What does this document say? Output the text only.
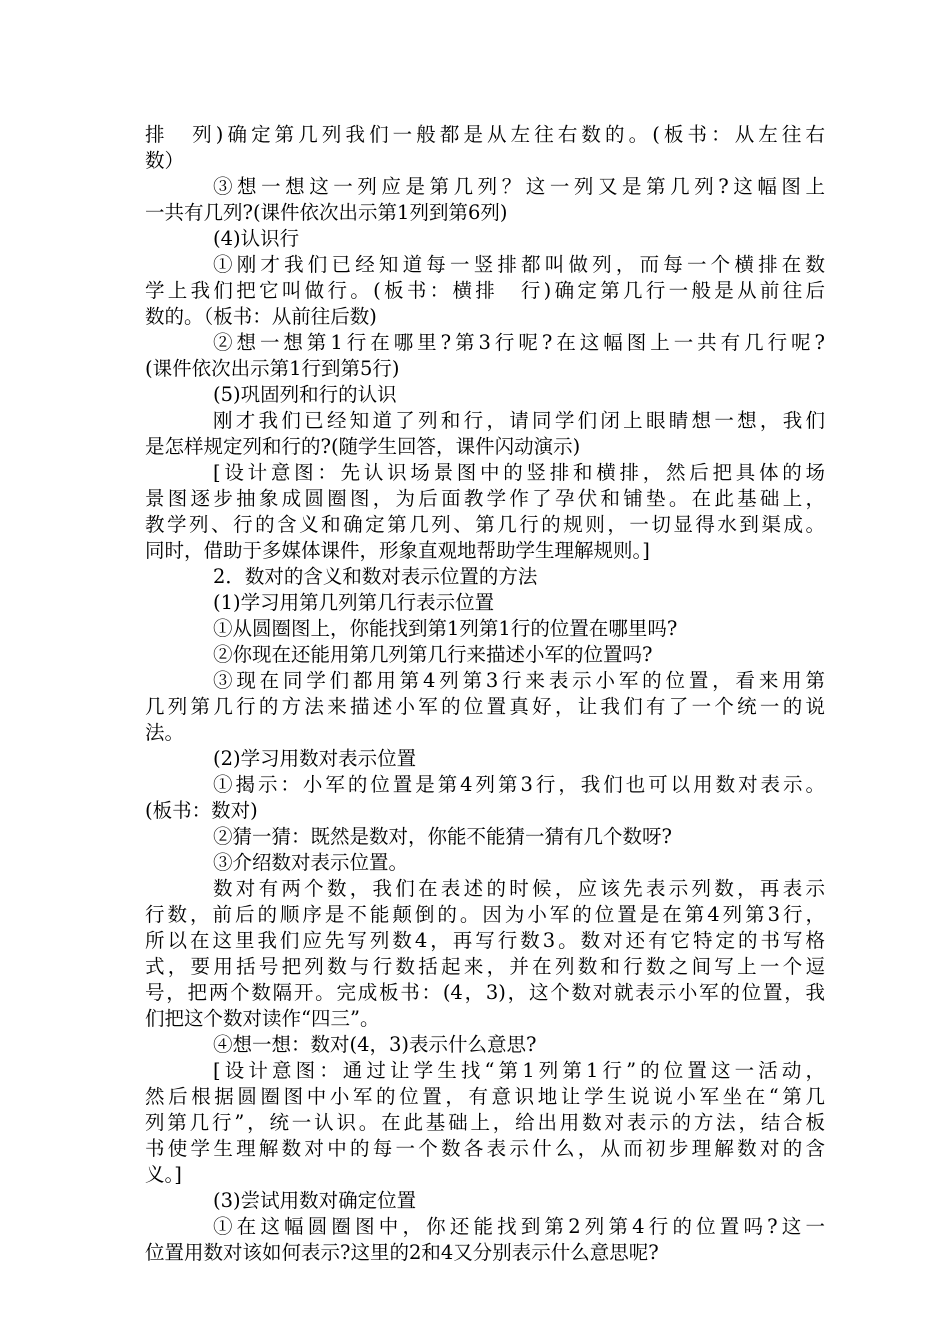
排　列)确定第几列我们一般都是从左往右数的。(板书：从左往右
数）
③想一想这一列应是第几列？这一列又是第几列?这幅图上
一共有几列?(课件依次出示第1列到第6列)
(4)认识行
①刚才我们已经知道每一竖排都叫做列，而每一个横排在数
学上我们把它叫做行。(板书：横排　行)确定第几行一般是从前往后
数的。（板书：从前往后数)
②想一想第1行在哪里?第3行呢?在这幅图上一共有几行呢?
(课件依次出示第1行到第5行)
(5)巩固列和行的认识
刚才我们已经知道了列和行，请同学们闭上眼睛想一想，我们
是怎样规定列和行的?(随学生回答，课件闪动演示)
[设计意图：先认识场景图中的竖排和横排，然后把具体的场
景图逐步抽象成圆圈图，为后面教学作了孕伏和铺垫。在此基础上，
教学列、行的含义和确定第几列、第几行的规则，一切显得水到渠成。
同时，借助于多媒体课件，形象直观地帮助学生理解规则。]
2．数对的含义和数对表示位置的方法
(1)学习用第几列第几行表示位置
①从圆圈图上，你能找到第1列第1行的位置在哪里吗?
②你现在还能用第几列第几行来描述小军的位置吗?
③现在同学们都用第4列第3行来表示小军的位置，看来用第
几列第几行的方法来描述小军的位置真好，让我们有了一个统一的说
法。
(2)学习用数对表示位置
①揭示：小军的位置是第4列第3行，我们也可以用数对表示。
(板书：数对)
②猜一猜：既然是数对，你能不能猜一猜有几个数呀?
③介绍数对表示位置。
数对有两个数，我们在表述的时候，应该先表示列数，再表示
行数，前后的顺序是不能颠倒的。因为小军的位置是在第4列第3行，
所以在这里我们应先写列数4，再写行数3。数对还有它特定的书写格
式，要用括号把列数与行数括起来，并在列数和行数之间写上一个逗
号，把两个数隔开。完成板书：(4，3)，这个数对就表示小军的位置，我
们把这个数对读作“四三”。
④想一想：数对(4，3)表示什么意思?
[设计意图：通过让学生找“第1列第1行”的位置这一活动，
然后根据圆圈图中小军的位置，有意识地让学生说说小军坐在“第几
列第几行”，统一认识。在此基础上，给出用数对表示的方法，结合板
书使学生理解数对中的每一个数各表示什么，从而初步理解数对的含
义。]
(3)尝试用数对确定位置
①在这幅圆圈图中，你还能找到第2列第4行的位置吗?这一
位置用数对该如何表示?这里的2和4又分别表示什么意思呢?
